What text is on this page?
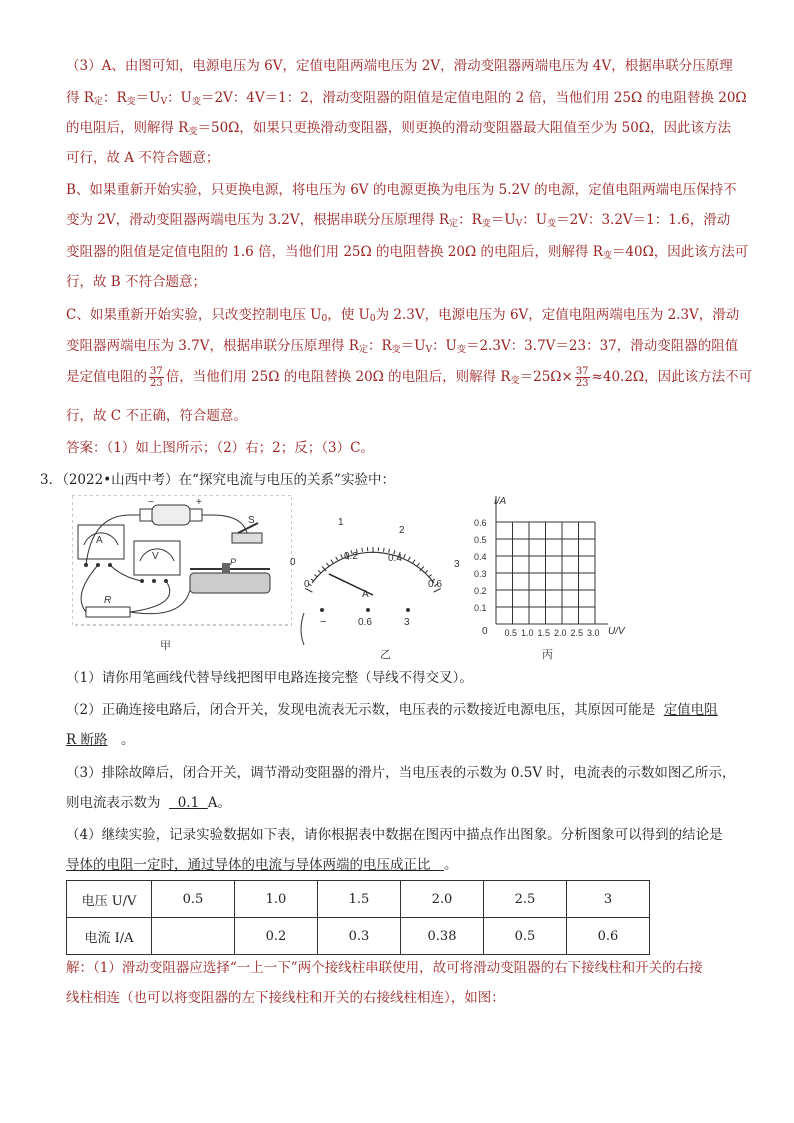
（3）A、由图可知，电源电压为 6V，定值电阻两端电压为 2V，滑动变阻器两端电压为 4V，根据串联分压原理
得 $R_定$：$R_变=U_V$：$U_变=2V$：4V＝1：2，滑动变阻器的阻值是定值电阻的 2 倍，当他们用 25Ω 的电阻替换 20Ω
的电阻后，则解得 $R_变=50\Omega$，如果只更换滑动变阻器，则更换的滑动变阻器最大阻值至少为 50Ω，因此该方法
可行，故 A 不符合题意；
B、如果重新开始实验，只更换电源，将电压为 6V 的电源更换为电压为 5.2V 的电源，定值电阻两端电压保持不
变为 2V，滑动变阻器两端电压为 3.2V，根据串联分压原理得 $R_定$：$R_变=U_V$：$U_变=2V$：3.2V＝1：1.6，滑动
变阻器的阻值是定值电阻的 1.6 倍，当他们用 25Ω 的电阻替换 20Ω 的电阻后，则解得 $R_变=40\Omega$，因此该方法可
行，故 B 不符合题意；
C、如果重新开始实验，只改变控制电压 $U_0$，使 $U_0$为 2.3V，电源电压为 6V，定值电阻两端电压为 2.3V，滑动
变阻器两端电压为 3.7V，根据串联分压原理得 $R_定$：$R_变=U_V$：$U_变=2.3V$：3.7V＝23：37，滑动变阻器的阻值
是定值电阻的 $\frac{37}{23}$ 倍，当他们用 25Ω 的电阻替换 20Ω 的电阻后，则解得 $R_变=25\Omega\times \frac{37}{23} \approx 40.2\Omega$，因此该方法不可
行，故 C 不正确，符合题意。
答案：（1）如上图所示；（2）右；2；反；（3）C。
3．（2022•山西中考）在“探究电流与电压的关系”实验中：
−	+
S
A
V	P
R
甲
0
1
2
3
0
0.2	0.4
0.6
A
−	0.6	3
乙
I/A
U/V
0
0.6
0.5
0.4
0.3
0.2
0.1
0.5 1.0 1.5 2.0 2.5 3.0
丙
（1）请你用笔画线代替导线把图甲电路连接完整（导线不得交叉）。
（2）正确连接电路后，闭合开关，发现电流表无示数，电压表的示数接近电源电压，其原因可能是 定值电阻
R 断路　。
（3）排除故障后，闭合开关，调节滑动变阻器的滑片，当电压表的示数为 0.5V 时，电流表的示数如图乙所示，
则电流表示数为 0.1 A。
（4）继续实验，记录实验数据如下表，请你根据表中数据在图丙中描点作出图象。分析图象可以得到的结论是
导体的电阻一定时，通过导体的电流与导体两端的电压成正比　 。
电压 U/V	0.5	1.0	1.5	2.0	2.5	3
电流 I/A		0.2	0.3	0.38	0.5	0.6
解：（1）滑动变阻器应选择“一上一下”两个接线柱串联使用，故可将滑动变阻器的右下接线柱和开关的右接
线柱相连（也可以将变阻器的左下接线柱和开关的右接线柱相连），如图：
